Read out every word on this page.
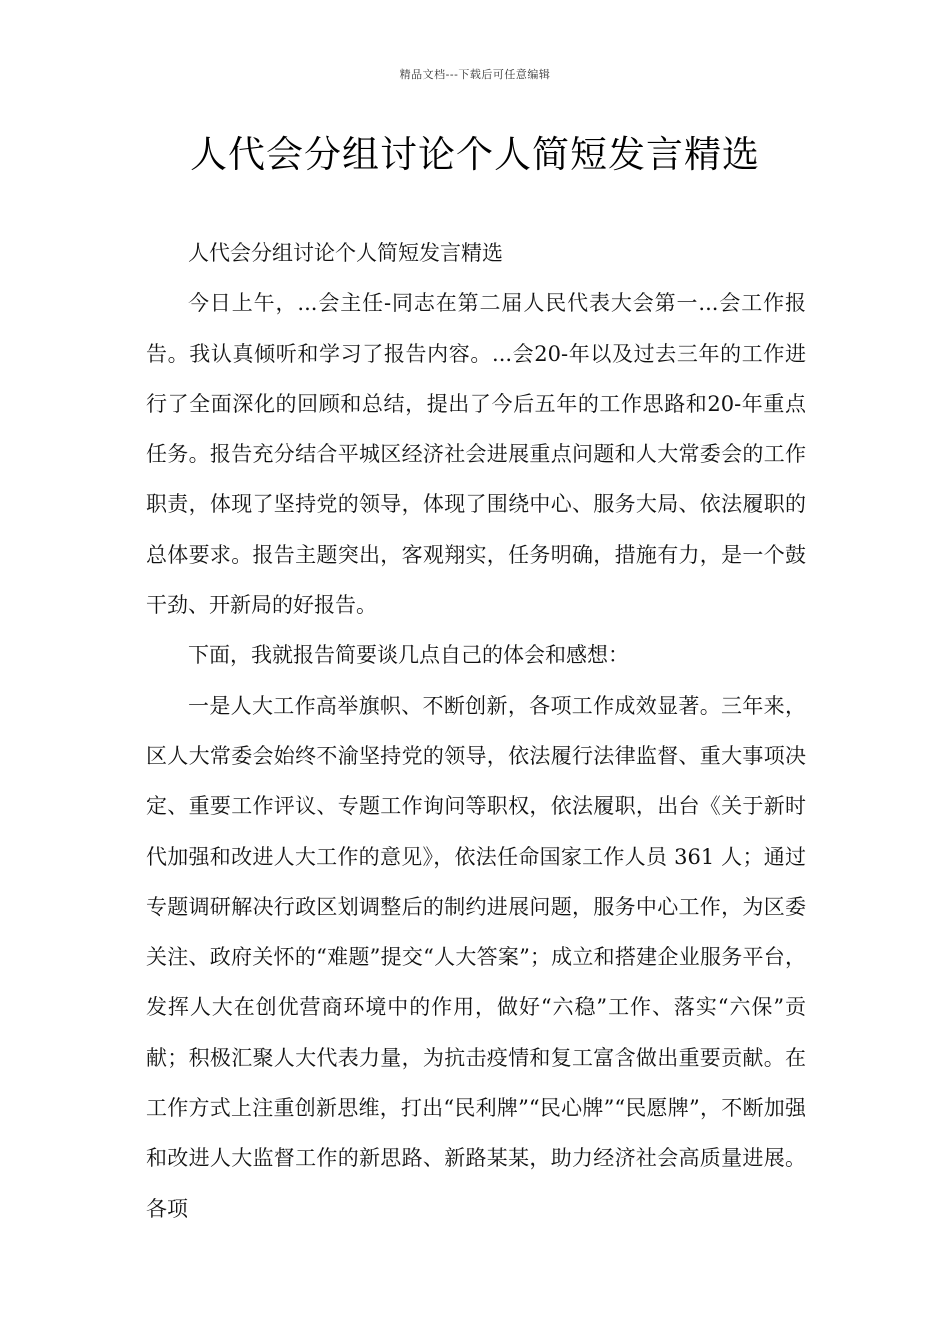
精品文档---下载后可任意编辑
人代会分组讨论个人简短发言精选

人代会分组讨论个人简短发言精选

今日上午，...会主任-同志在第二届人民代表大会第一...会工作报告。我认真倾听和学习了报告内容。...会20-年以及过去三年的工作进行了全面深化的回顾和总结，提出了今后五年的工作思路和20-年重点任务。报告充分结合平城区经济社会进展重点问题和人大常委会的工作职责，体现了坚持党的领导，体现了围绕中心、服务大局、依法履职的总体要求。报告主题突出，客观翔实，任务明确，措施有力，是一个鼓干劲、开新局的好报告。

下面，我就报告简要谈几点自己的体会和感想：

一是人大工作高举旗帜、不断创新，各项工作成效显著。三年来，区人大常委会始终不渝坚持党的领导，依法履行法律监督、重大事项决定、重要工作评议、专题工作询问等职权，依法履职，出台《关于新时代加强和改进人大工作的意见》，依法任命国家工作人员 361 人；通过专题调研解决行政区划调整后的制约进展问题，服务中心工作，为区委关注、政府关怀的“难题”提交“人大答案”；成立和搭建企业服务平台，发挥人大在创优营商环境中的作用，做好“六稳”工作、落实“六保”贡献；积极汇聚人大代表力量，为抗击疫情和复工富含做出重要贡献。在工作方式上注重创新思维，打出“民利牌”“民心牌”“民愿牌”，不断加强和改进人大监督工作的新思路、新路某某，助力经济社会高质量进展。各项
